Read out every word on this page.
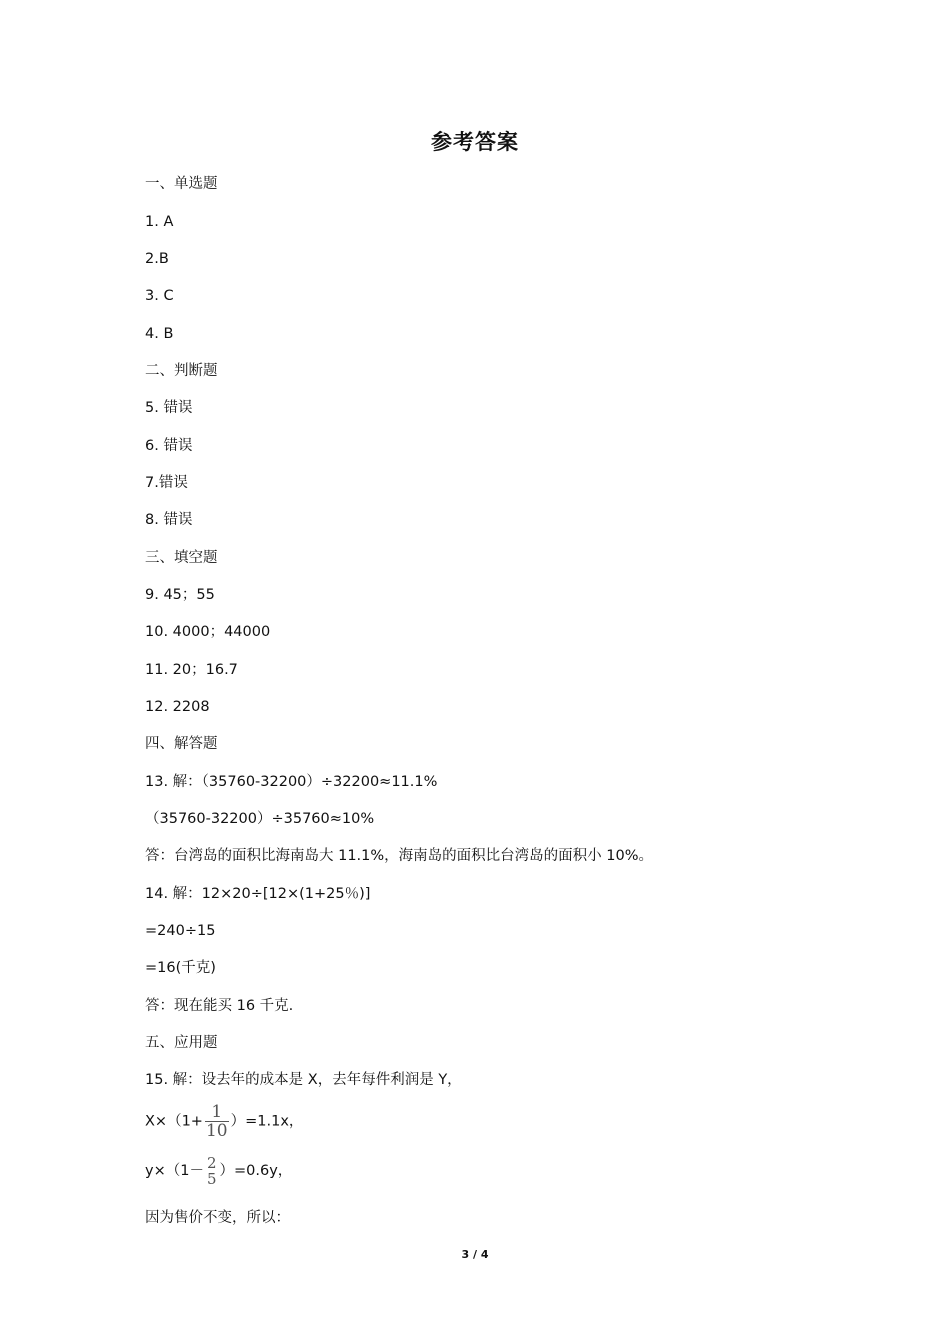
参考答案
一、单选题
1. A
2.B
3. C
4. B
二、判断题
5. 错误
6. 错误
7.错误
8. 错误
三、填空题
9. 45；55
10. 4000；44000
11. 20；16.7
12. 2208
四、解答题
13. 解：（35760-32200）÷32200≈11.1%
（35760-32200）÷35760≈10%
答：台湾岛的面积比海南岛大 11.1%，海南岛的面积比台湾岛的面积小 10%。
14. 解：12×20÷[12×(1+25％)]
=240÷15
=16(千克)
答：现在能买 16 千克.
五、应用题
15. 解：设去年的成本是 X，去年每件利润是 Y，
$X\times(1+ \frac{1}{10} )=1.1x$，
y×（1－ 2
5 ）=0.6y，
因为售价不变，所以：
3 / 4
